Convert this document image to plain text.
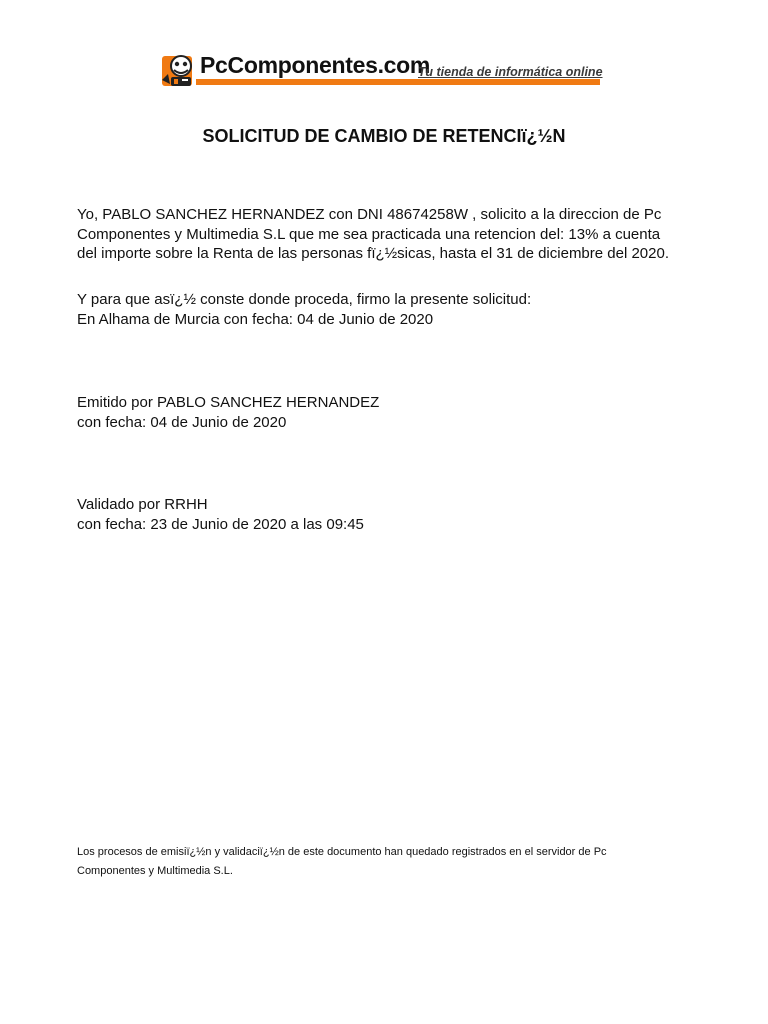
PcComponentes.com
Tu tienda de informática online
SOLICITUD DE CAMBIO DE RETENCIï¿½N
Yo, PABLO SANCHEZ HERNANDEZ con DNI 48674258W , solicito a la direccion de Pc
Componentes y Multimedia S.L que me sea practicada una retencion del: 13% a cuenta
del importe sobre la Renta de las personas fï¿½sicas, hasta el 31 de diciembre del 2020.
Y para que asï¿½ conste donde proceda, firmo la presente solicitud:
En Alhama de Murcia con fecha: 04 de Junio de 2020
Emitido por PABLO SANCHEZ HERNANDEZ
con fecha: 04 de Junio de 2020
Validado por RRHH
con fecha: 23 de Junio de 2020 a las 09:45
Los procesos de emisiï¿½n y validaciï¿½n de este documento han quedado registrados en el servidor de Pc
Componentes y Multimedia S.L.
